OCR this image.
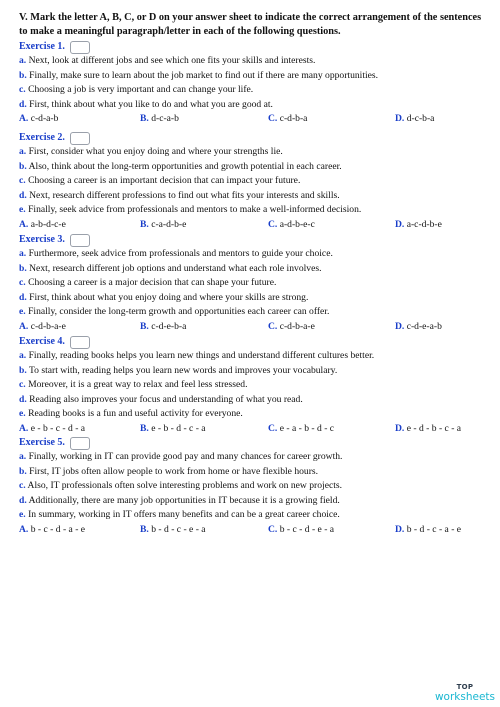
V. Mark the letter A, B, C, or D on your answer sheet to indicate the correct arrangement of the sentences to make a meaningful paragraph/letter in each of the following questions.
Exercise 1.
a. Next, look at different jobs and see which one fits your skills and interests.
b. Finally, make sure to learn about the job market to find out if there are many opportunities.
c. Choosing a job is very important and can change your life.
d. First, think about what you like to do and what you are good at.
A. c-d-a-b	B. d-c-a-b	C. c-d-b-a	D. d-c-b-a
Exercise 2.
a. First, consider what you enjoy doing and where your strengths lie.
b. Also, think about the long-term opportunities and growth potential in each career.
c. Choosing a career is an important decision that can impact your future.
d. Next, research different professions to find out what fits your interests and skills.
e. Finally, seek advice from professionals and mentors to make a well-informed decision.
A. a-b-d-c-e	B. c-a-d-b-e	C. a-d-b-e-c	D. a-c-d-b-e
Exercise 3.
a. Furthermore, seek advice from professionals and mentors to guide your choice.
b. Next, research different job options and understand what each role involves.
c. Choosing a career is a major decision that can shape your future.
d. First, think about what you enjoy doing and where your skills are strong.
e. Finally, consider the long-term growth and opportunities each career can offer.
A. c-d-b-a-e	B. c-d-e-b-a	C. c-d-b-a-e	D. c-d-e-a-b
Exercise 4.
a. Finally, reading books helps you learn new things and understand different cultures better.
b. To start with, reading helps you learn new words and improves your vocabulary.
c. Moreover, it is a great way to relax and feel less stressed.
d. Reading also improves your focus and understanding of what you read.
e. Reading books is a fun and useful activity for everyone.
A. e - b - c - d - a	B. e - b - d - c - a	C. e - a - b - d - c	D. e - d - b - c - a
Exercise 5.
a. Finally, working in IT can provide good pay and many chances for career growth.
b. First, IT jobs often allow people to work from home or have flexible hours.
c. Also, IT professionals often solve interesting problems and work on new projects.
d. Additionally, there are many job opportunities in IT because it is a growing field.
e. In summary, working in IT offers many benefits and can be a great career choice.
A. b - c - d - a - e	B. b - d - c - e - a	C. b - c - d - e - a	D. b - d - c - a - e
TOP
worksheets
